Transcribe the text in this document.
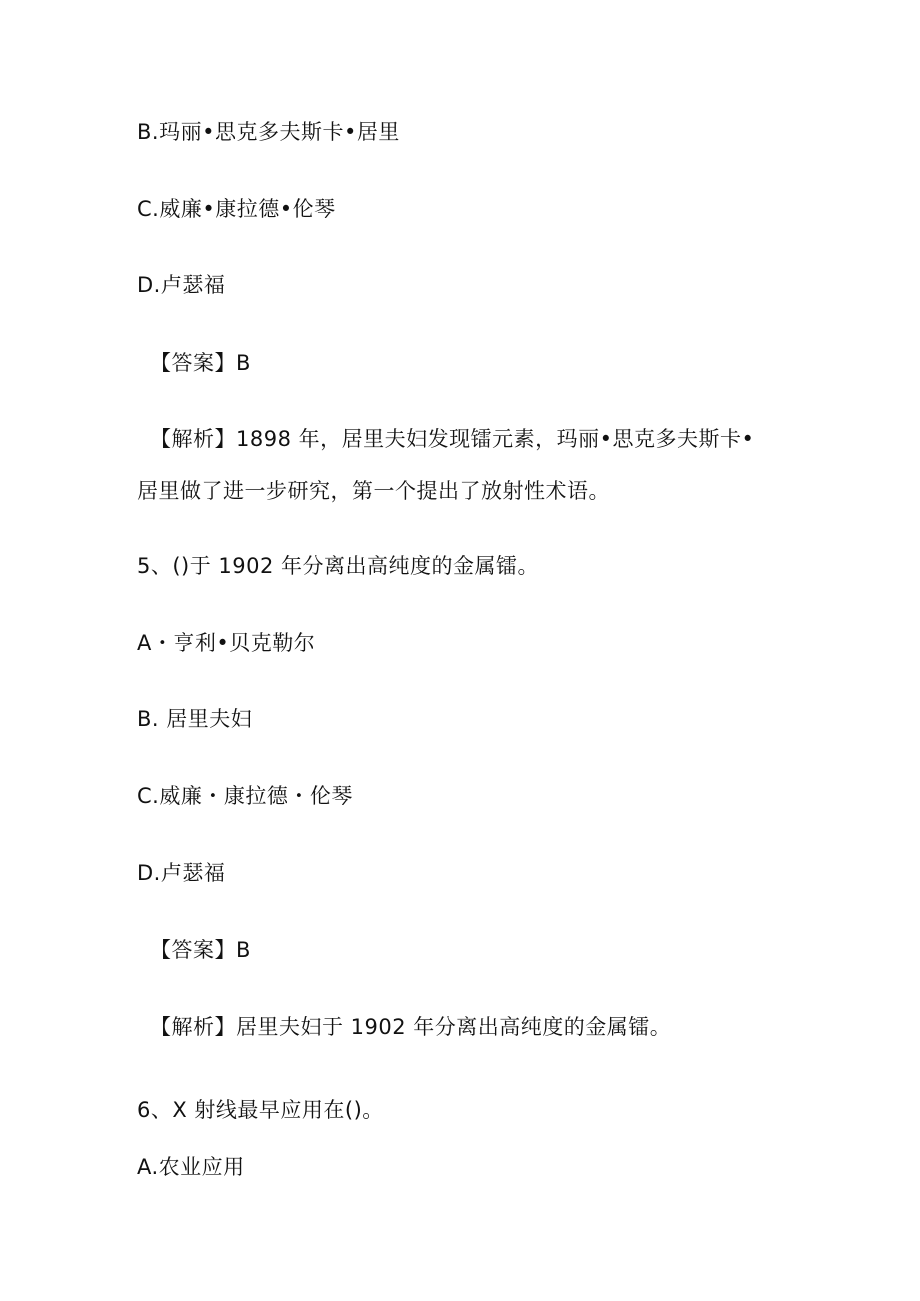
B.玛丽•思克多夫斯卡•居里
C.威廉•康拉德•伦琴
D.卢瑟福
【答案】B
【解析】1898 年，居里夫妇发现镭元素，玛丽•思克多夫斯卡•
居里做了进一步研究，第一个提出了放射性术语。
5、()于 1902 年分离出高纯度的金属镭。
A・亨利•贝克勒尔
B. 居里夫妇
C.威廉・康拉德・伦琴
D.卢瑟福
【答案】B
【解析】居里夫妇于 1902 年分离出高纯度的金属镭。
6、X 射线最早应用在()。
A.农业应用
